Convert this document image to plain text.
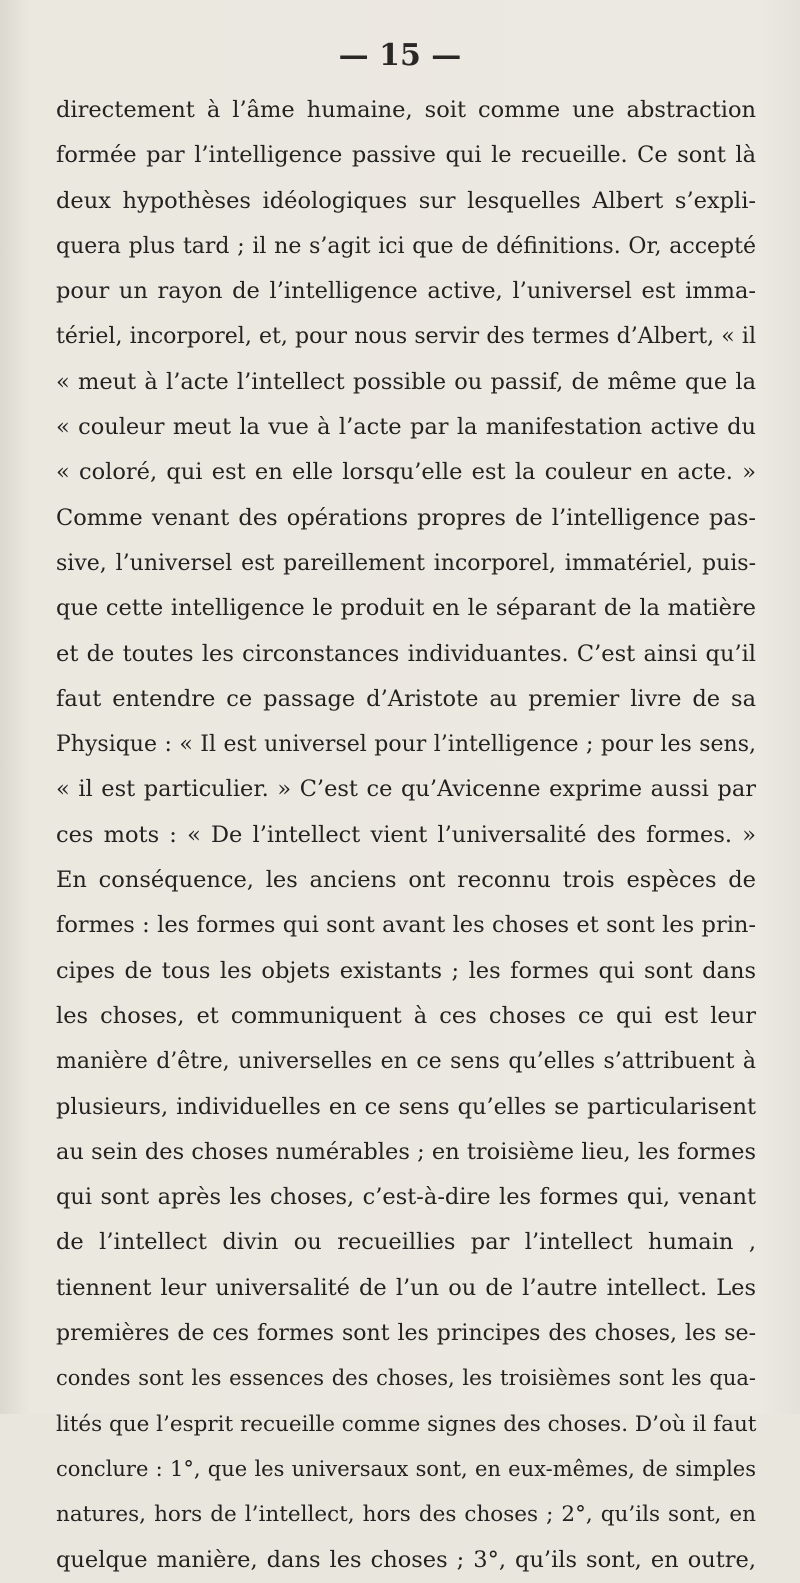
— 15 —
directement à l’âme humaine, soit comme une abstraction
formée par l’intelligence passive qui le recueille. Ce sont là
deux hypothèses idéologiques sur lesquelles Albert s’expli-
quera plus tard ; il ne s’agit ici que de définitions. Or, accepté
pour un rayon de l’intelligence active, l’universel est imma-
tériel, incorporel, et, pour nous servir des termes d’Albert, « il
« meut à l’acte l’intellect possible ou passif, de même que la
« couleur meut la vue à l’acte par la manifestation active du
« coloré, qui est en elle lorsqu’elle est la couleur en acte. »
Comme venant des opérations propres de l’intelligence pas-
sive, l’universel est pareillement incorporel, immatériel, puis-
que cette intelligence le produit en le séparant de la matière
et de toutes les circonstances individuantes. C’est ainsi qu’il
faut entendre ce passage d’Aristote au premier livre de sa
Physique : « Il est universel pour l’intelligence ; pour les sens,
« il est particulier. » C’est ce qu’Avicenne exprime aussi par
ces mots : « De l’intellect vient l’universalité des formes. »
En conséquence, les anciens ont reconnu trois espèces de
formes : les formes qui sont avant les choses et sont les prin-
cipes de tous les objets existants ; les formes qui sont dans
les choses, et communiquent à ces choses ce qui est leur
manière d’être, universelles en ce sens qu’elles s’attribuent à
plusieurs, individuelles en ce sens qu’elles se particularisent
au sein des choses numérables ; en troisième lieu, les formes
qui sont après les choses, c’est-à-dire les formes qui, venant
de l’intellect divin ou recueillies par l’intellect humain ,
tiennent leur universalité de l’un ou de l’autre intellect. Les
premières de ces formes sont les principes des choses, les se-
condes sont les essences des choses, les troisièmes sont les qua-
lités que l’esprit recueille comme signes des choses. D’où il faut
conclure : 1°, que les universaux sont, en eux-mêmes, de simples
natures, hors de l’intellect, hors des choses ; 2°, qu’ils sont, en
quelque manière, dans les choses ; 3°, qu’ils sont, en outre,
